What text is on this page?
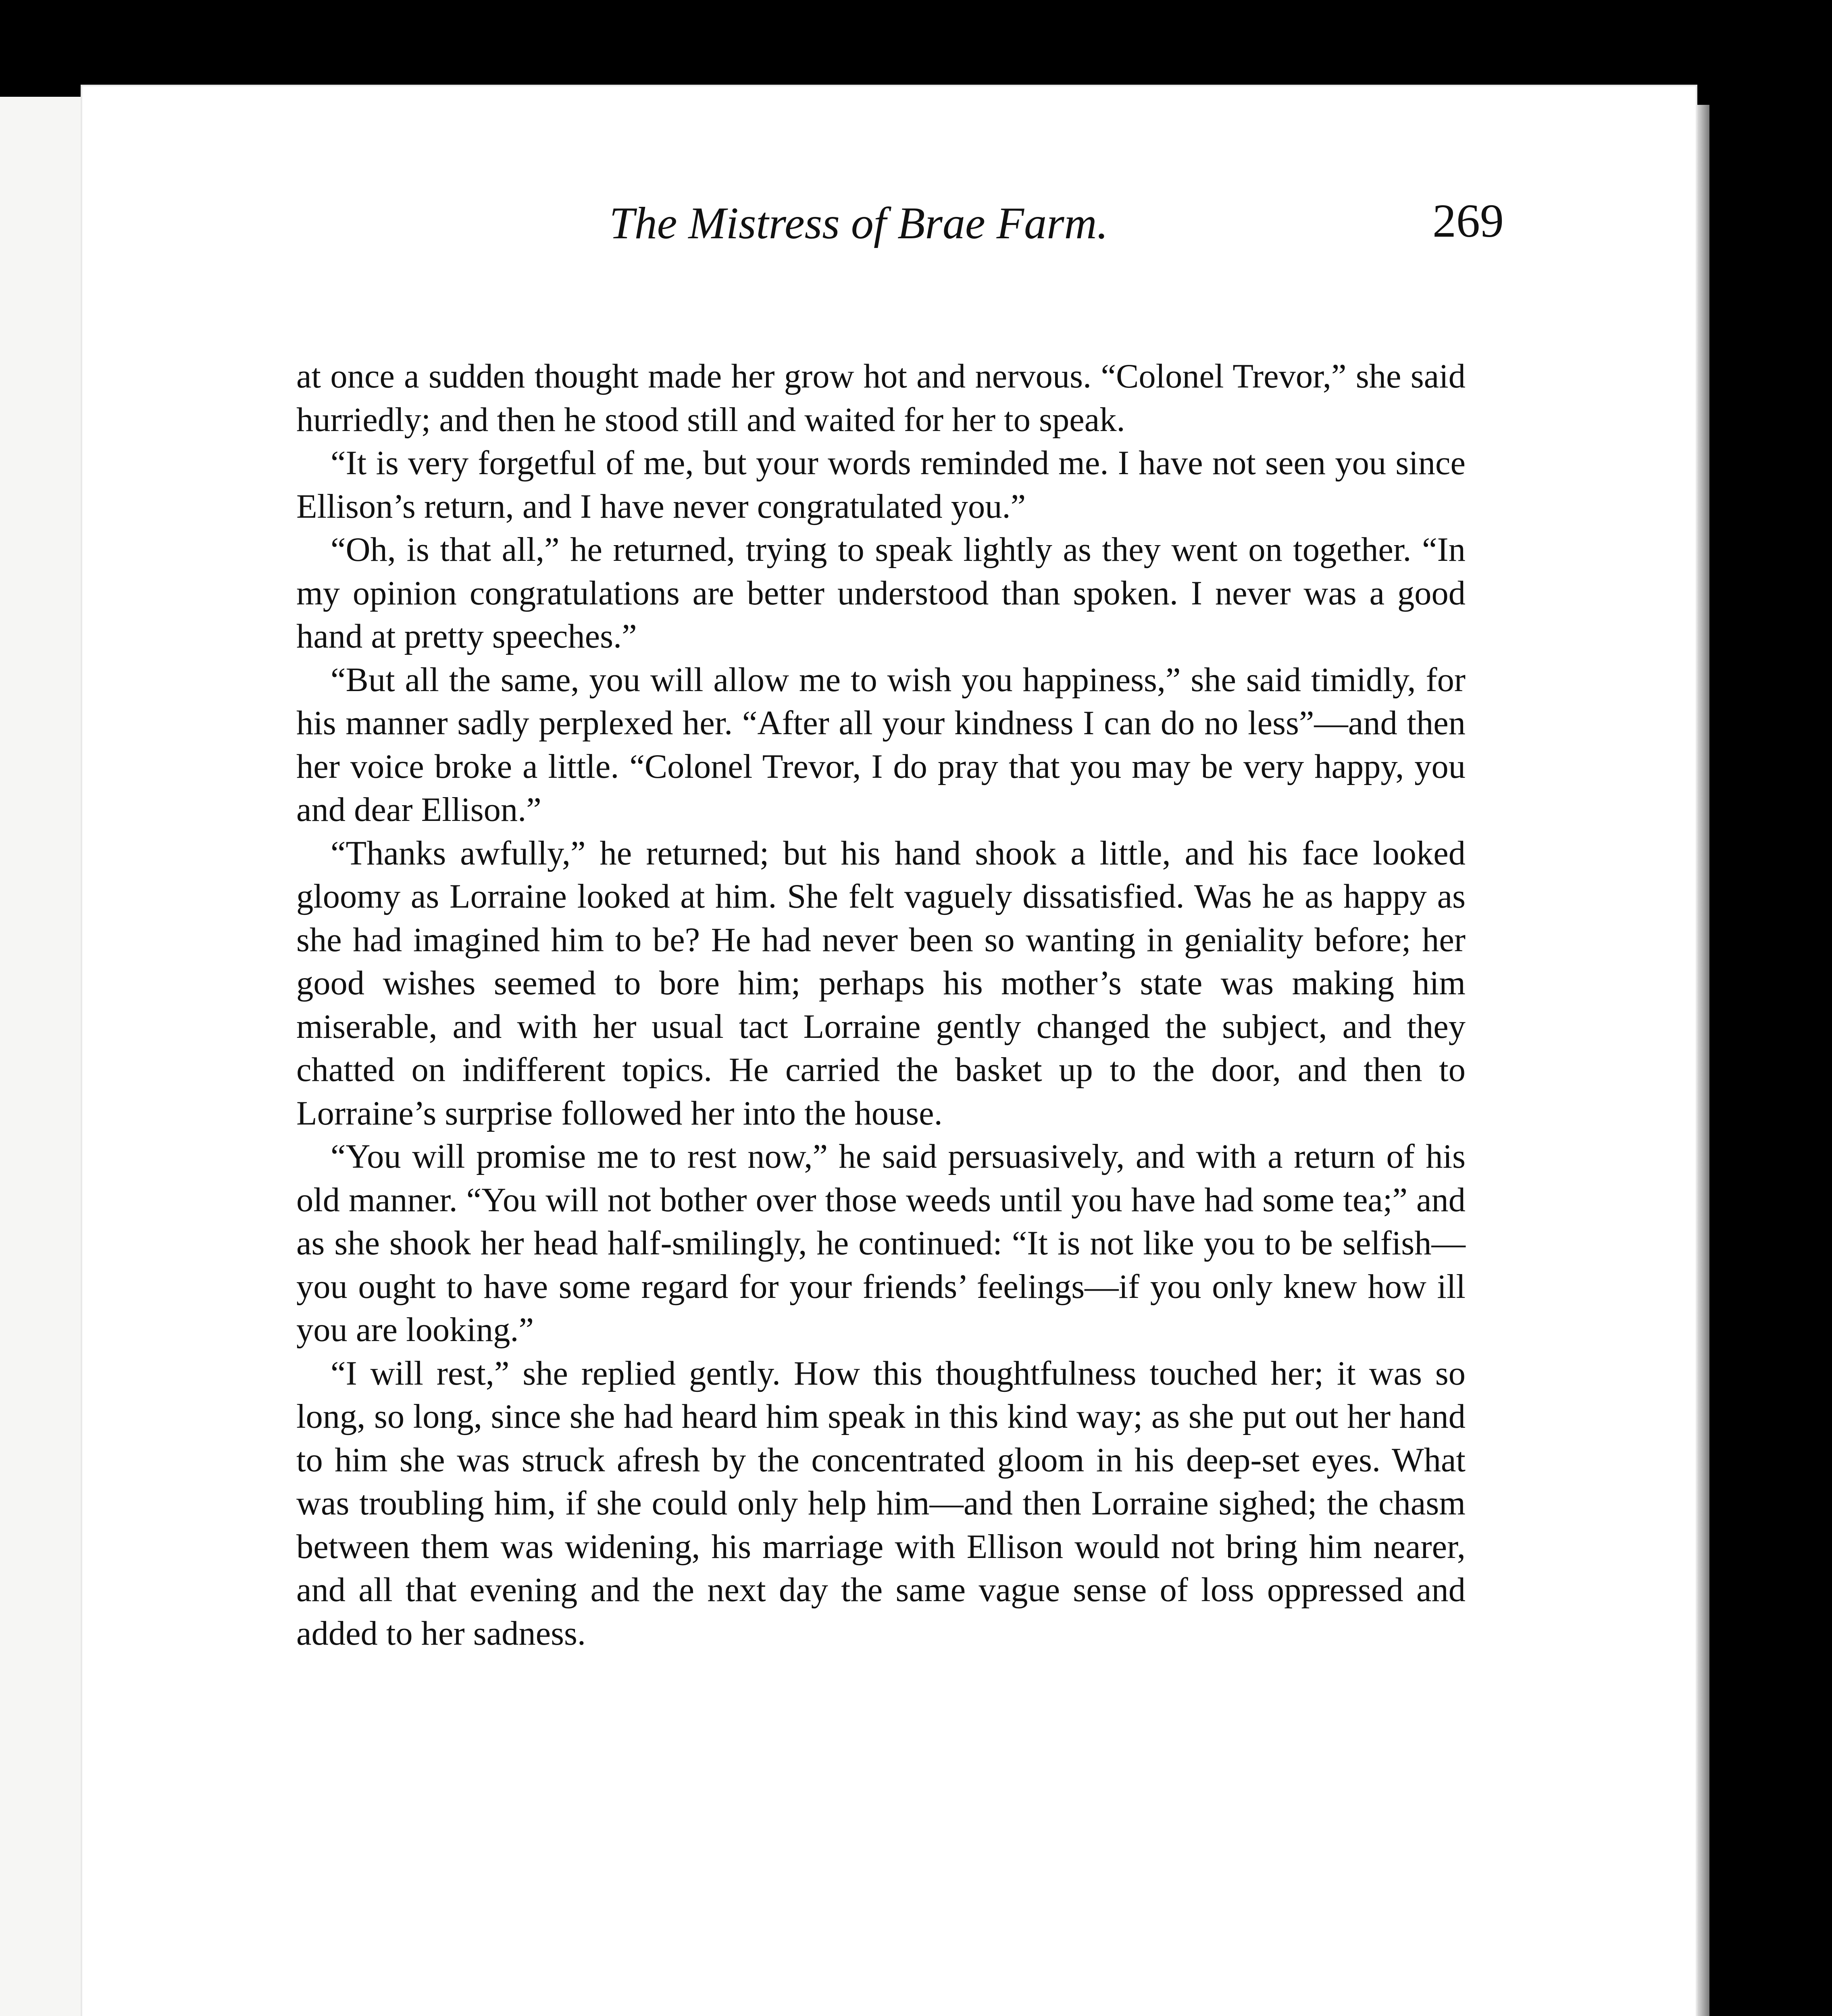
The Mistress of Brae Farm.	269

at once a sudden thought made her grow hot and nervous. “Colonel Trevor,” she said hurriedly; and then he stood still and waited for her to speak.

“It is very forgetful of me, but your words reminded me. I have not seen you since Ellison’s return, and I have never congratulated you.”

“Oh, is that all,” he returned, trying to speak lightly as they went on together. “In my opinion congratulations are better understood than spoken. I never was a good hand at pretty speeches.”

“But all the same, you will allow me to wish you happiness,” she said timidly, for his manner sadly perplexed her. “After all your kindness I can do no less”—and then her voice broke a little. “Colonel Trevor, I do pray that you may be very happy, you and dear Ellison.”

“Thanks awfully,” he returned; but his hand shook a little, and his face looked gloomy as Lorraine looked at him. She felt vaguely dissatisfied. Was he as happy as she had imagined him to be? He had never been so wanting in geniality before; her good wishes seemed to bore him; perhaps his mother’s state was making him miserable, and with her usual tact Lorraine gently changed the subject, and they chatted on indifferent topics. He carried the basket up to the door, and then to Lorraine’s surprise followed her into the house.

“You will promise me to rest now,” he said persuasively, and with a return of his old manner. “You will not bother over those weeds until you have had some tea;” and as she shook her head half-smilingly, he continued: “It is not like you to be selfish—you ought to have some regard for your friends’ feelings—if you only knew how ill you are looking.”

“I will rest,” she replied gently. How this thoughtfulness touched her; it was so long, so long, since she had heard him speak in this kind way; as she put out her hand to him she was struck afresh by the concentrated gloom in his deep-set eyes. What was troubling him, if she could only help him—and then Lorraine sighed; the chasm between them was widening, his marriage with Ellison would not bring him nearer, and all that evening and the next day the same vague sense of loss oppressed and added to her sadness.
